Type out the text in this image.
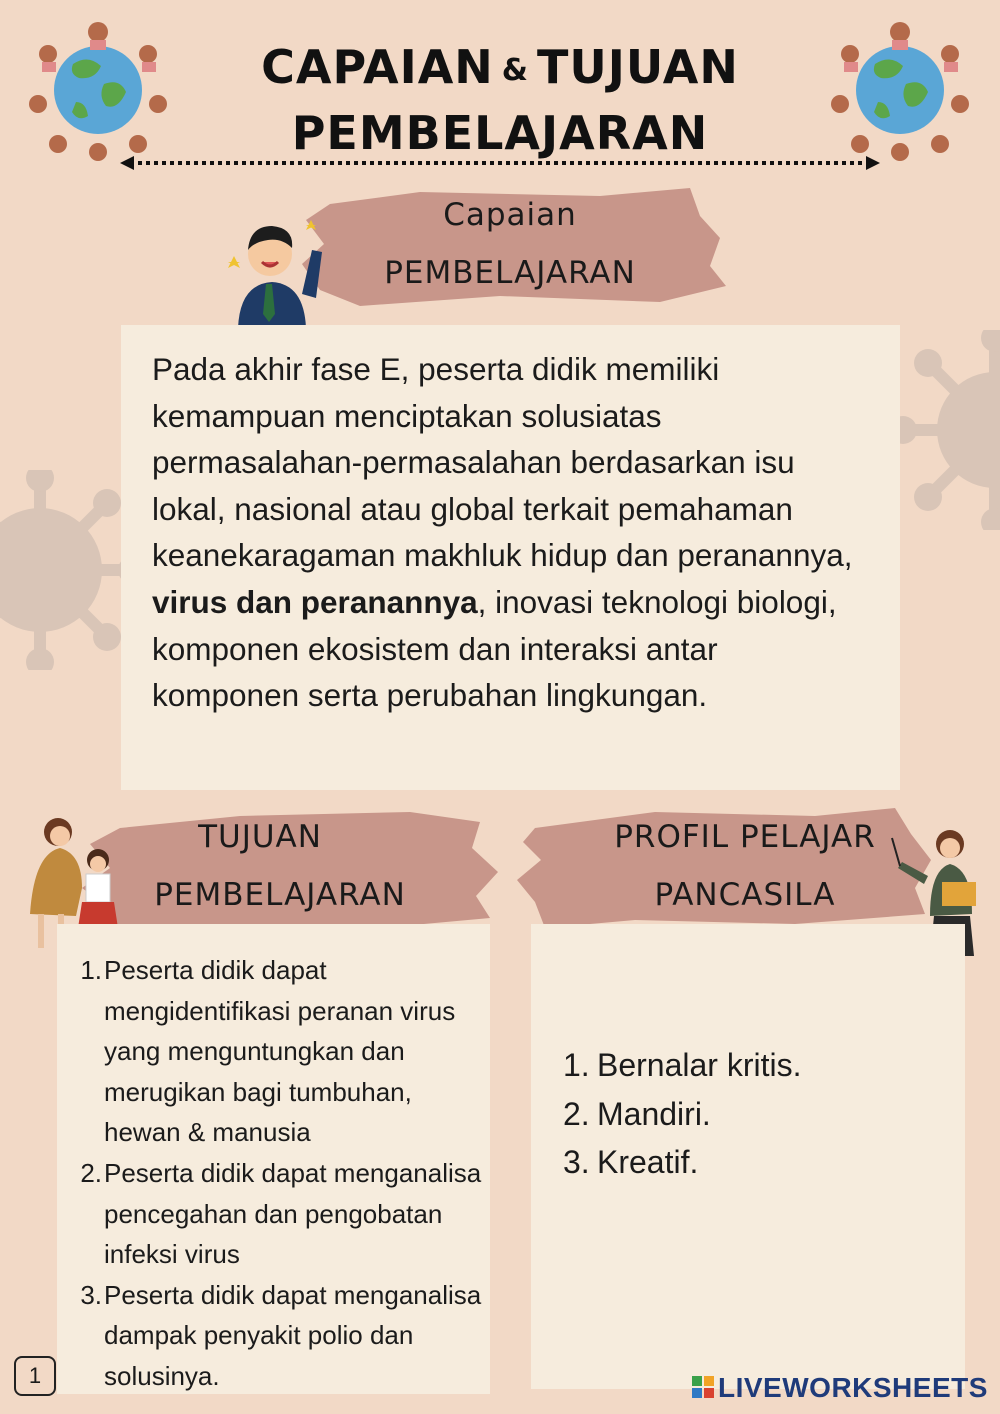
CAPAIAN & TUJUAN
PEMBELAJARAN
Capaian
PEMBELAJARAN
Pada akhir fase E, peserta didik memiliki kemampuan menciptakan solusiatas permasalahan-permasalahan berdasarkan isu lokal, nasional atau global terkait pemahaman keanekaragaman makhluk hidup dan peranannya, virus dan peranannya, inovasi teknologi biologi, komponen ekosistem dan interaksi antar komponen serta perubahan lingkungan.
TUJUAN
PEMBELAJARAN
1. Peserta didik dapat mengidentifikasi peranan virus yang menguntungkan dan merugikan bagi tumbuhan, hewan & manusia
2. Peserta didik dapat menganalisa pencegahan dan pengobatan infeksi virus
3. Peserta didik dapat menganalisa dampak penyakit polio dan solusinya.
PROFIL PELAJAR
PANCASILA
1. Bernalar kritis.
2. Mandiri.
3. Kreatif.
1	LIVEWORKSHEETS
